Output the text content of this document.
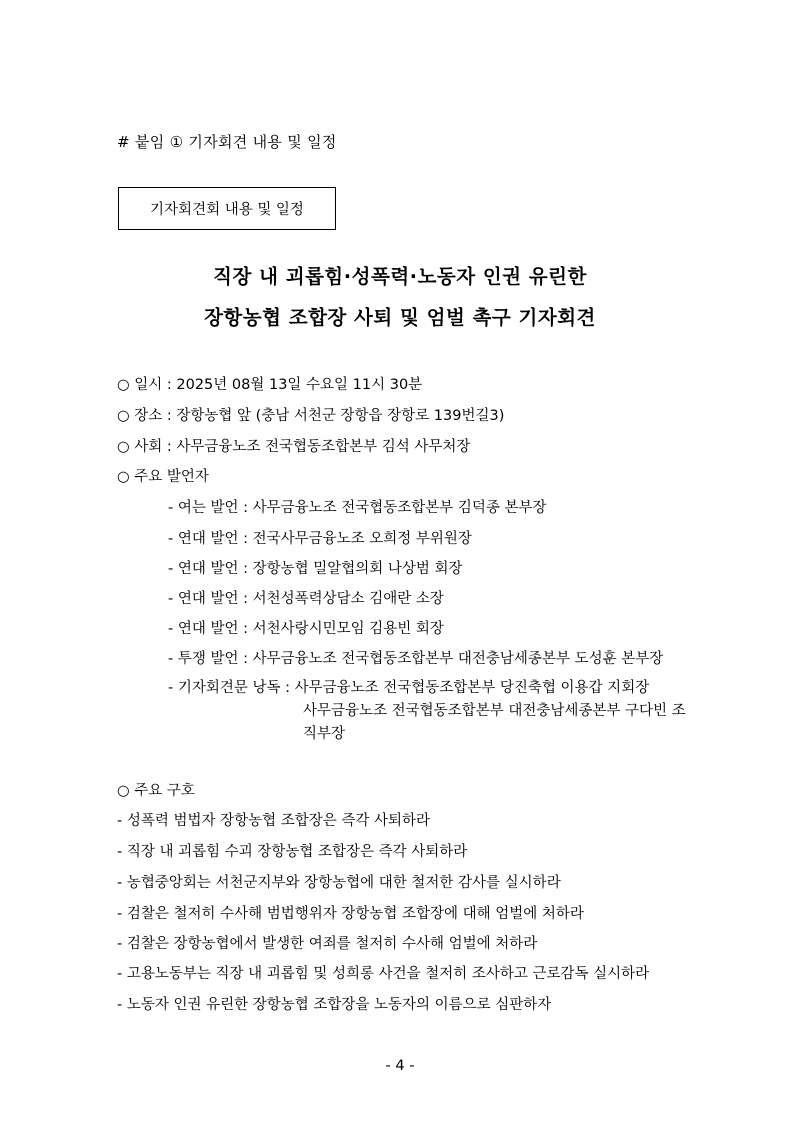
# 붙임 ① 기자회견 내용 및 일정
기자회견회 내용 및 일정
직장 내 괴롭힘·성폭력·노동자 인권 유린한
장항농협 조합장 사퇴 및 엄벌 촉구 기자회견
○ 일시 : 2025년 08월 13일 수요일 11시 30분
○ 장소 : 장항농협 앞 (충남 서천군 장항읍 장항로 139번길3)
○ 사회 : 사무금융노조 전국협동조합본부 김석 사무처장
○ 주요 발언자
- 여는 발언 : 사무금융노조 전국협동조합본부 김덕종 본부장
- 연대 발언 : 전국사무금융노조 오희정 부위원장
- 연대 발언 : 장항농협 밀알협의회 나상범 회장
- 연대 발언 : 서천성폭력상담소 김애란 소장
- 연대 발언 : 서천사랑시민모임 김용빈 회장
- 투쟁 발언 : 사무금융노조 전국협동조합본부 대전충남세종본부 도성훈 본부장
- 기자회견문 낭독 : 사무금융노조 전국협동조합본부 당진축협 이용갑 지회장
사무금융노조 전국협동조합본부 대전충남세종본부 구다빈 조
직부장
○ 주요 구호
- 성폭력 범법자 장항농협 조합장은 즉각 사퇴하라
- 직장 내 괴롭힘 수괴 장항농협 조합장은 즉각 사퇴하라
- 농협중앙회는 서천군지부와 장항농협에 대한 철저한 감사를 실시하라
- 검찰은 철저히 수사해 범법행위자 장항농협 조합장에 대해 엄벌에 처하라
- 검찰은 장항농협에서 발생한 여죄를 철저히 수사해 엄벌에 처하라
- 고용노동부는 직장 내 괴롭힘 및 성희롱 사건을 철저히 조사하고 근로감독 실시하라
- 노동자 인권 유린한 장항농협 조합장을 노동자의 이름으로 심판하자
- 4 -
